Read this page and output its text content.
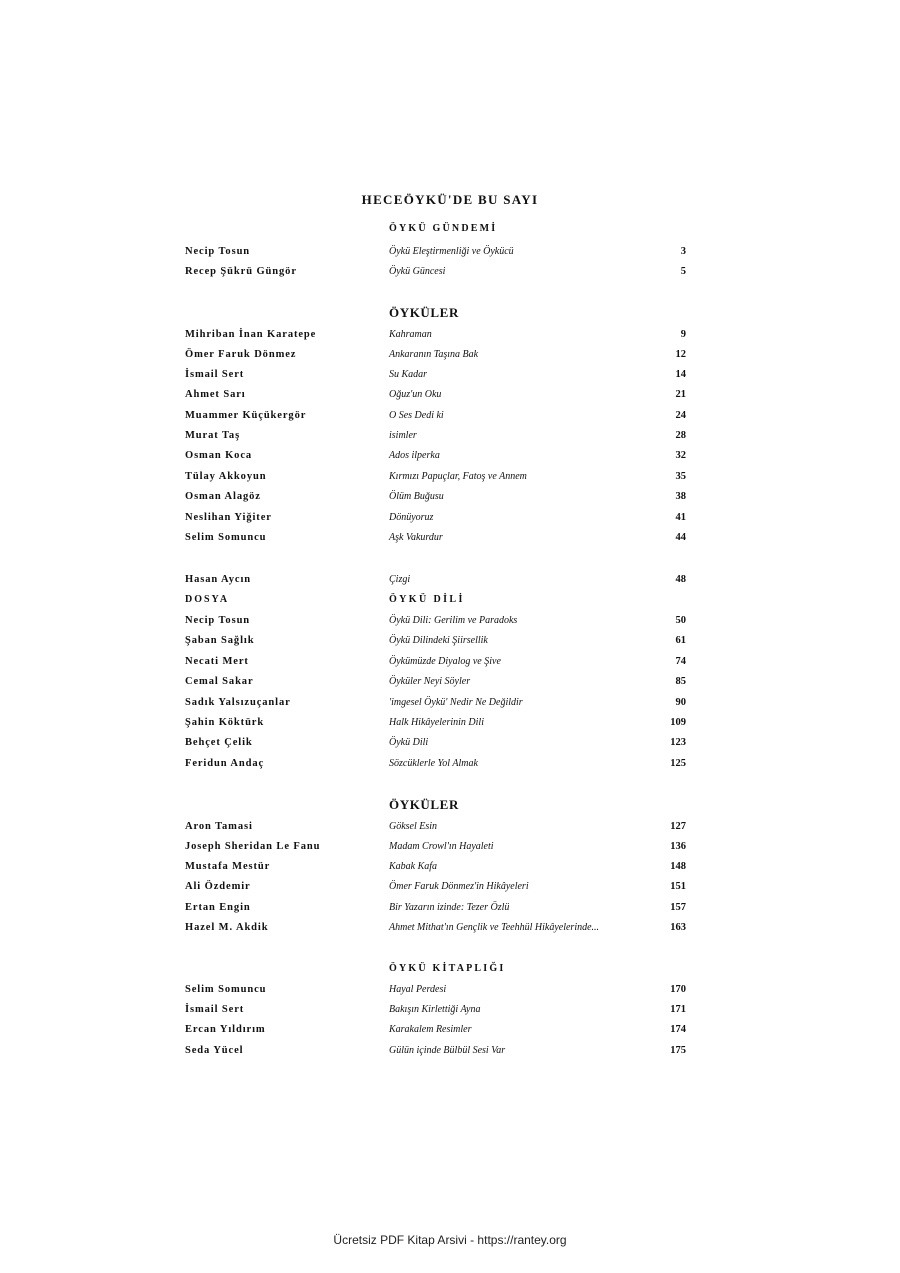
HECEÖYKÜ'DE BU SAYI
ÖYKÜ GÜNDEMİ
ÖYKÜLER
ÖYKÜLER
ÖYKÜ KİTAPLIĞI
Necip Tosun	Öykü Eleştirmenliği ve Öykücü	3
Recep Şükrü Güngör	Öykü Güncesi	5
Mihriban İnan Karatepe	Kahraman	9
Ömer Faruk Dönmez	Ankaranın Taşına Bak	12
İsmail Sert	Su Kadar	14
Ahmet Sarı	Oğuz'un Oku	21
Muammer Küçükergör	O Ses Dedi ki	24
Murat Taş	isimler	28
Osman Koca	Ados ilperka	32
Tülay Akkoyun	Kırmızı Papuçlar, Fatoş ve Annem	35
Osman Alagöz	Ölüm Buğusu	38
Neslihan Yiğiter	Dönüyoruz	41
Selim Somuncu	Aşk Vakurdur	44
Hasan Aycın	Çizgi	48
DOSYA	ÖYKÜ DİLİ
Necip Tosun	Öykü Dili: Gerilim ve Paradoks	50
Şaban Sağlık	Öykü Dilindeki Şiirsellik	61
Necati Mert	Öykümüzde Diyalog ve Şive	74
Cemal Sakar	Öyküler Neyi Söyler	85
Sadık Yalsızuçanlar	'imgesel Öykü' Nedir Ne Değildir	90
Şahin Köktürk	Halk Hikâyelerinin Dili	109
Behçet Çelik	Öykü Dili	123
Feridun Andaç	Sözcüklerle Yol Almak	125
Aron Tamasi	Göksel Esin	127
Joseph Sheridan Le Fanu	Madam Crowl'ın Hayaleti	136
Mustafa Mestür	Kabak Kafa	148
Ali Özdemir	Ömer Faruk Dönmez'in Hikâyeleri	151
Ertan Engin	Bir Yazarın izinde: Tezer Özlü	157
Hazel M. Akdik	Ahmet Mithat'ın Gençlik ve Teehhül Hikâyelerinde...	163
Selim Somuncu	Hayal Perdesi	170
İsmail Sert	Bakışın Kirlettiği Ayna	171
Ercan Yıldırım	Karakalem Resimler	174
Seda Yücel	Gülün içinde Bülbül Sesi Var	175
Ücretsiz PDF Kitap Arsivi - https://rantey.org
